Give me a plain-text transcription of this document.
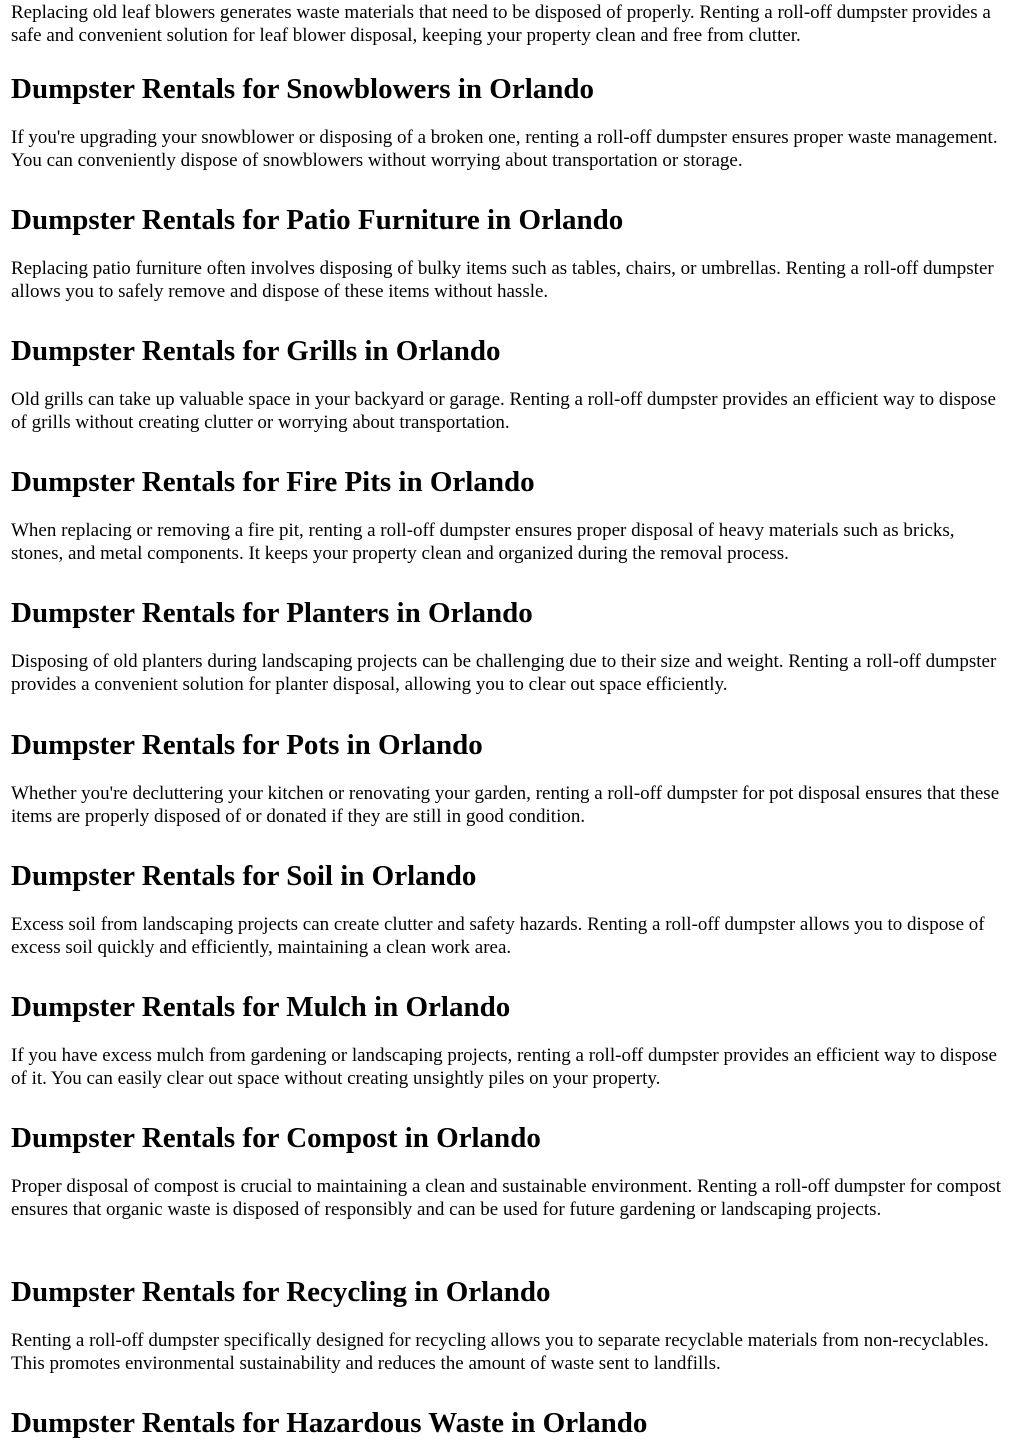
Replacing old leaf blowers generates waste materials that need to be disposed of properly. Renting a roll-off dumpster provides a safe and convenient solution for leaf blower disposal, keeping your property clean and free from clutter.

Dumpster Rentals for Snowblowers in Orlando

If you're upgrading your snowblower or disposing of a broken one, renting a roll-off dumpster ensures proper waste management. You can conveniently dispose of snowblowers without worrying about transportation or storage.

Dumpster Rentals for Patio Furniture in Orlando

Replacing patio furniture often involves disposing of bulky items such as tables, chairs, or umbrellas. Renting a roll-off dumpster allows you to safely remove and dispose of these items without hassle.

Dumpster Rentals for Grills in Orlando

Old grills can take up valuable space in your backyard or garage. Renting a roll-off dumpster provides an efficient way to dispose of grills without creating clutter or worrying about transportation.

Dumpster Rentals for Fire Pits in Orlando

When replacing or removing a fire pit, renting a roll-off dumpster ensures proper disposal of heavy materials such as bricks, stones, and metal components. It keeps your property clean and organized during the removal process.

Dumpster Rentals for Planters in Orlando

Disposing of old planters during landscaping projects can be challenging due to their size and weight. Renting a roll-off dumpster provides a convenient solution for planter disposal, allowing you to clear out space efficiently.

Dumpster Rentals for Pots in Orlando

Whether you're decluttering your kitchen or renovating your garden, renting a roll-off dumpster for pot disposal ensures that these items are properly disposed of or donated if they are still in good condition.

Dumpster Rentals for Soil in Orlando

Excess soil from landscaping projects can create clutter and safety hazards. Renting a roll-off dumpster allows you to dispose of excess soil quickly and efficiently, maintaining a clean work area.

Dumpster Rentals for Mulch in Orlando

If you have excess mulch from gardening or landscaping projects, renting a roll-off dumpster provides an efficient way to dispose of it. You can easily clear out space without creating unsightly piles on your property.

Dumpster Rentals for Compost in Orlando

Proper disposal of compost is crucial to maintaining a clean and sustainable environment. Renting a roll-off dumpster for compost ensures that organic waste is disposed of responsibly and can be used for future gardening or landscaping projects.

Dumpster Rentals for Recycling in Orlando

Renting a roll-off dumpster specifically designed for recycling allows you to separate recyclable materials from non-recyclables. This promotes environmental sustainability and reduces the amount of waste sent to landfills.

Dumpster Rentals for Hazardous Waste in Orlando
